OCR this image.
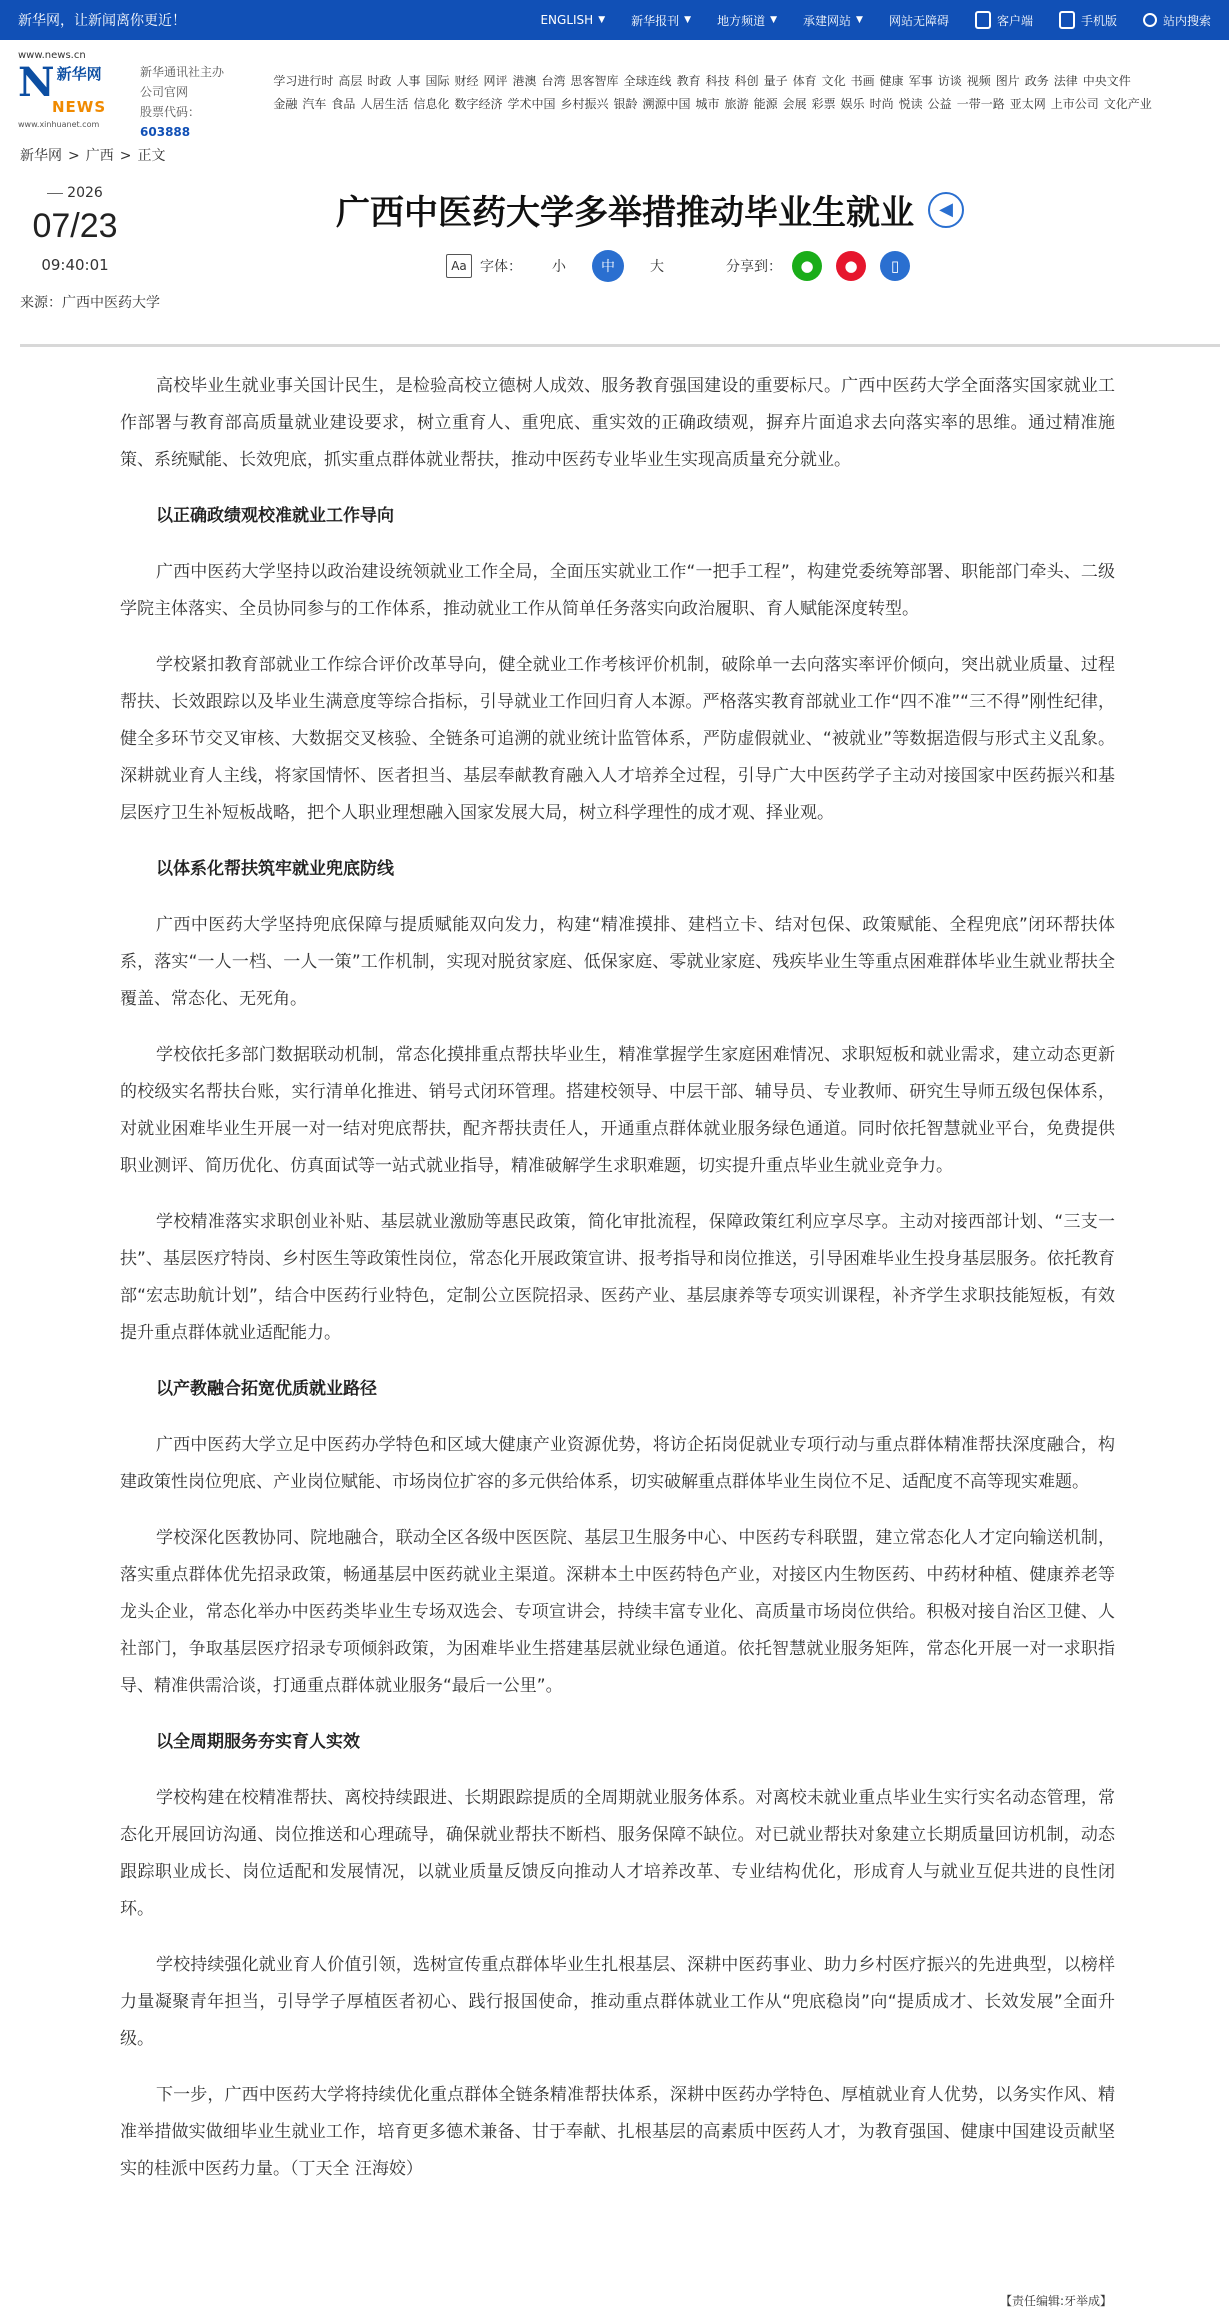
新华网，让新闻离你更近！	ENGLISH ▼ 新华报刊 ▼ 地方频道 ▼ 承建网站 ▼ 网站无障碍	客户端	手机版	站内搜索
www.news.cn
N 新华网
NEWS
www.xinhuanet.com
新华通讯社主办
公司官网
股票代码：603888
学习进行时 高层 时政 人事 国际 财经 网评 港澳 台湾 思客智库 全球连线 教育 科技 科创 量子 体育 文化 书画 健康 军事 访谈 视频 图片 政务 法律 中央文件
金融 汽车 食品 人居生活 信息化 数字经济 学术中国 乡村振兴 银龄 溯源中国 城市 旅游 能源 会展 彩票 娱乐 时尚 悦读 公益 一带一路 亚太网 上市公司 文化产业
新华网 > 广西 > 正文
2026
07/23
09:40:01
来源：广西中医药大学
广西中医药大学多举措推动毕业生就业	◀
Aa 字体： 小	中	大	分享到：	●	●	▯

高校毕业生就业事关国计民生，是检验高校立德树人成效、服务教育强国建设的重要标尺。广西中医药大学全面落实国家就业工作部署与教育部高质量就业建设要求，树立重育人、重兜底、重实效的正确政绩观，摒弃片面追求去向落实率的思维。通过精准施策、系统赋能、长效兜底，抓实重点群体就业帮扶，推动中医药专业毕业生实现高质量充分就业。

以正确政绩观校准就业工作导向

广西中医药大学坚持以政治建设统领就业工作全局，全面压实就业工作“一把手工程”，构建党委统筹部署、职能部门牵头、二级学院主体落实、全员协同参与的工作体系，推动就业工作从简单任务落实向政治履职、育人赋能深度转型。

学校紧扣教育部就业工作综合评价改革导向，健全就业工作考核评价机制，破除单一去向落实率评价倾向，突出就业质量、过程帮扶、长效跟踪以及毕业生满意度等综合指标，引导就业工作回归育人本源。严格落实教育部就业工作“四不准”“三不得”刚性纪律，健全多环节交叉审核、大数据交叉核验、全链条可追溯的就业统计监管体系，严防虚假就业、“被就业”等数据造假与形式主义乱象。深耕就业育人主线，将家国情怀、医者担当、基层奉献教育融入人才培养全过程，引导广大中医药学子主动对接国家中医药振兴和基层医疗卫生补短板战略，把个人职业理想融入国家发展大局，树立科学理性的成才观、择业观。

以体系化帮扶筑牢就业兜底防线

广西中医药大学坚持兜底保障与提质赋能双向发力，构建“精准摸排、建档立卡、结对包保、政策赋能、全程兜底”闭环帮扶体系，落实“一人一档、一人一策”工作机制，实现对脱贫家庭、低保家庭、零就业家庭、残疾毕业生等重点困难群体毕业生就业帮扶全覆盖、常态化、无死角。

学校依托多部门数据联动机制，常态化摸排重点帮扶毕业生，精准掌握学生家庭困难情况、求职短板和就业需求，建立动态更新的校级实名帮扶台账，实行清单化推进、销号式闭环管理。搭建校领导、中层干部、辅导员、专业教师、研究生导师五级包保体系，对就业困难毕业生开展一对一结对兜底帮扶，配齐帮扶责任人，开通重点群体就业服务绿色通道。同时依托智慧就业平台，免费提供职业测评、简历优化、仿真面试等一站式就业指导，精准破解学生求职难题，切实提升重点毕业生就业竞争力。

学校精准落实求职创业补贴、基层就业激励等惠民政策，简化审批流程，保障政策红利应享尽享。主动对接西部计划、“三支一扶”、基层医疗特岗、乡村医生等政策性岗位，常态化开展政策宣讲、报考指导和岗位推送，引导困难毕业生投身基层服务。依托教育部“宏志助航计划”，结合中医药行业特色，定制公立医院招录、医药产业、基层康养等专项实训课程，补齐学生求职技能短板，有效提升重点群体就业适配能力。

以产教融合拓宽优质就业路径

广西中医药大学立足中医药办学特色和区域大健康产业资源优势，将访企拓岗促就业专项行动与重点群体精准帮扶深度融合，构建政策性岗位兜底、产业岗位赋能、市场岗位扩容的多元供给体系，切实破解重点群体毕业生岗位不足、适配度不高等现实难题。

学校深化医教协同、院地融合，联动全区各级中医医院、基层卫生服务中心、中医药专科联盟，建立常态化人才定向输送机制，落实重点群体优先招录政策，畅通基层中医药就业主渠道。深耕本土中医药特色产业，对接区内生物医药、中药材种植、健康养老等龙头企业，常态化举办中医药类毕业生专场双选会、专项宣讲会，持续丰富专业化、高质量市场岗位供给。积极对接自治区卫健、人社部门，争取基层医疗招录专项倾斜政策，为困难毕业生搭建基层就业绿色通道。依托智慧就业服务矩阵，常态化开展一对一求职指导、精准供需洽谈，打通重点群体就业服务“最后一公里”。

以全周期服务夯实育人实效

学校构建在校精准帮扶、离校持续跟进、长期跟踪提质的全周期就业服务体系。对离校未就业重点毕业生实行实名动态管理，常态化开展回访沟通、岗位推送和心理疏导，确保就业帮扶不断档、服务保障不缺位。对已就业帮扶对象建立长期质量回访机制，动态跟踪职业成长、岗位适配和发展情况，以就业质量反馈反向推动人才培养改革、专业结构优化，形成育人与就业互促共进的良性闭环。

学校持续强化就业育人价值引领，选树宣传重点群体毕业生扎根基层、深耕中医药事业、助力乡村医疗振兴的先进典型，以榜样力量凝聚青年担当，引导学子厚植医者初心、践行报国使命，推动重点群体就业工作从“兜底稳岗”向“提质成才、长效发展”全面升级。

下一步，广西中医药大学将持续优化重点群体全链条精准帮扶体系，深耕中医药办学特色、厚植就业育人优势，以务实作风、精准举措做实做细毕业生就业工作，培育更多德术兼备、甘于奉献、扎根基层的高素质中医药人才，为教育强国、健康中国建设贡献坚实的桂派中医药力量。（丁天全 汪海姣）

【责任编辑:牙举成】
